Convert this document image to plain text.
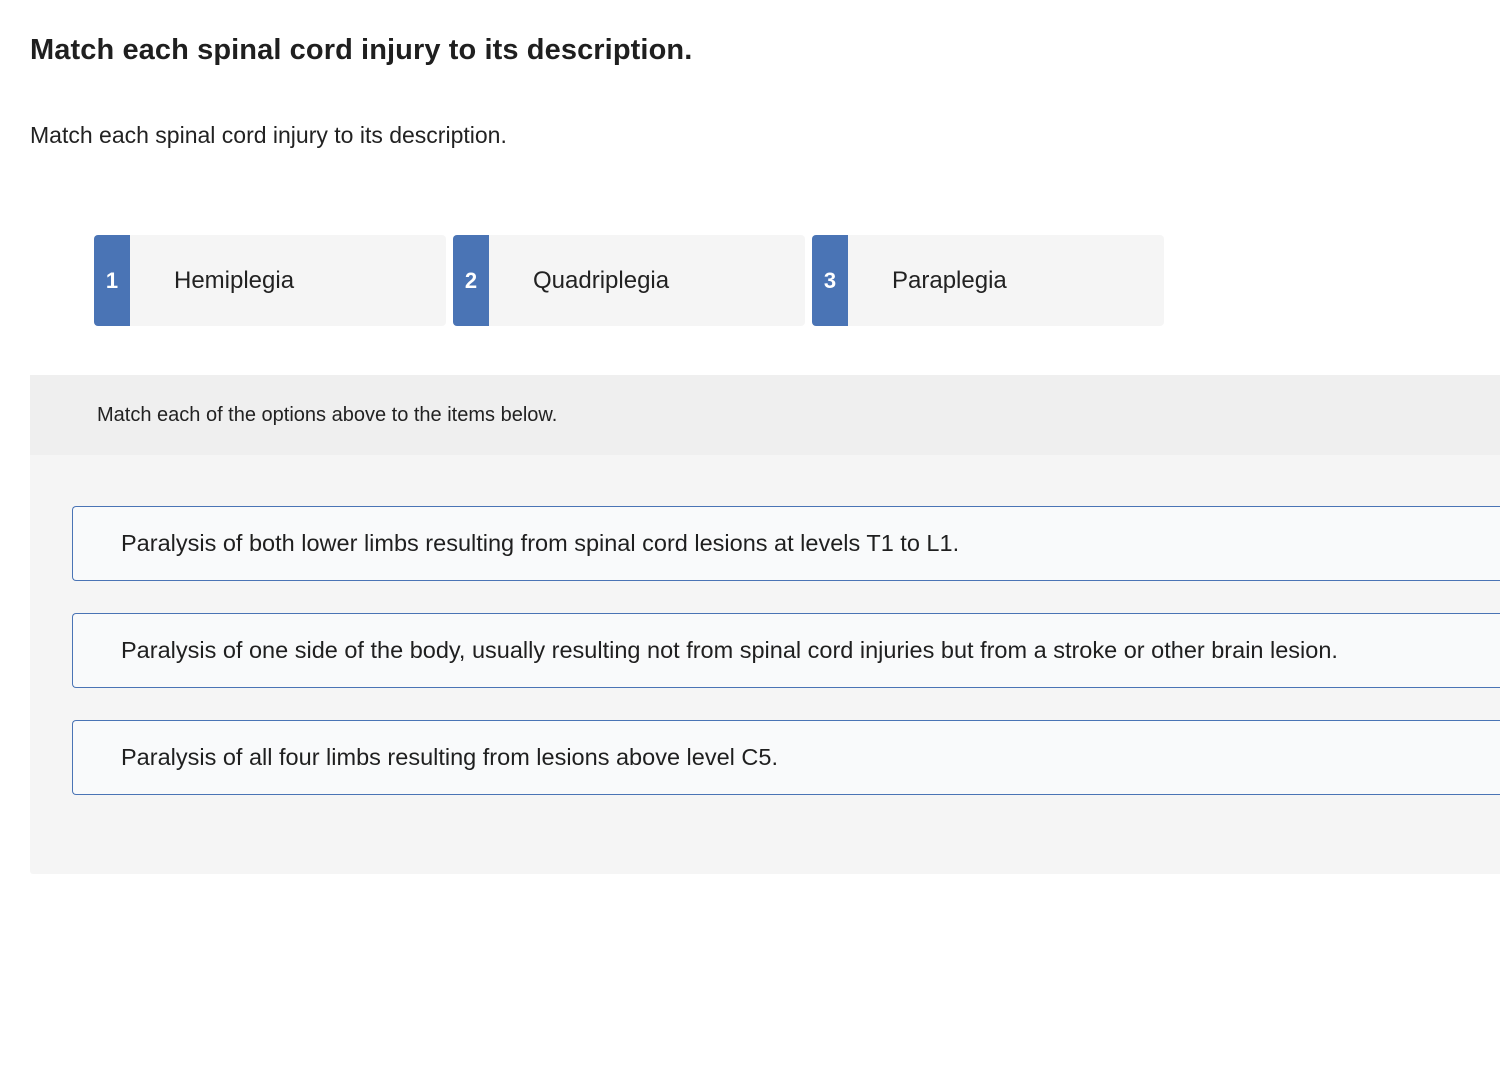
Match each spinal cord injury to its description.

Match each spinal cord injury to its description.

1	Hemiplegia	2	Quadriplegia	3	Paraplegia
Match each of the options above to the items below.
Paralysis of both lower limbs resulting from spinal cord lesions at levels T1 to L1.
Paralysis of one side of the body, usually resulting not from spinal cord injuries but from a stroke or other brain lesion.
Paralysis of all four limbs resulting from lesions above level C5.
